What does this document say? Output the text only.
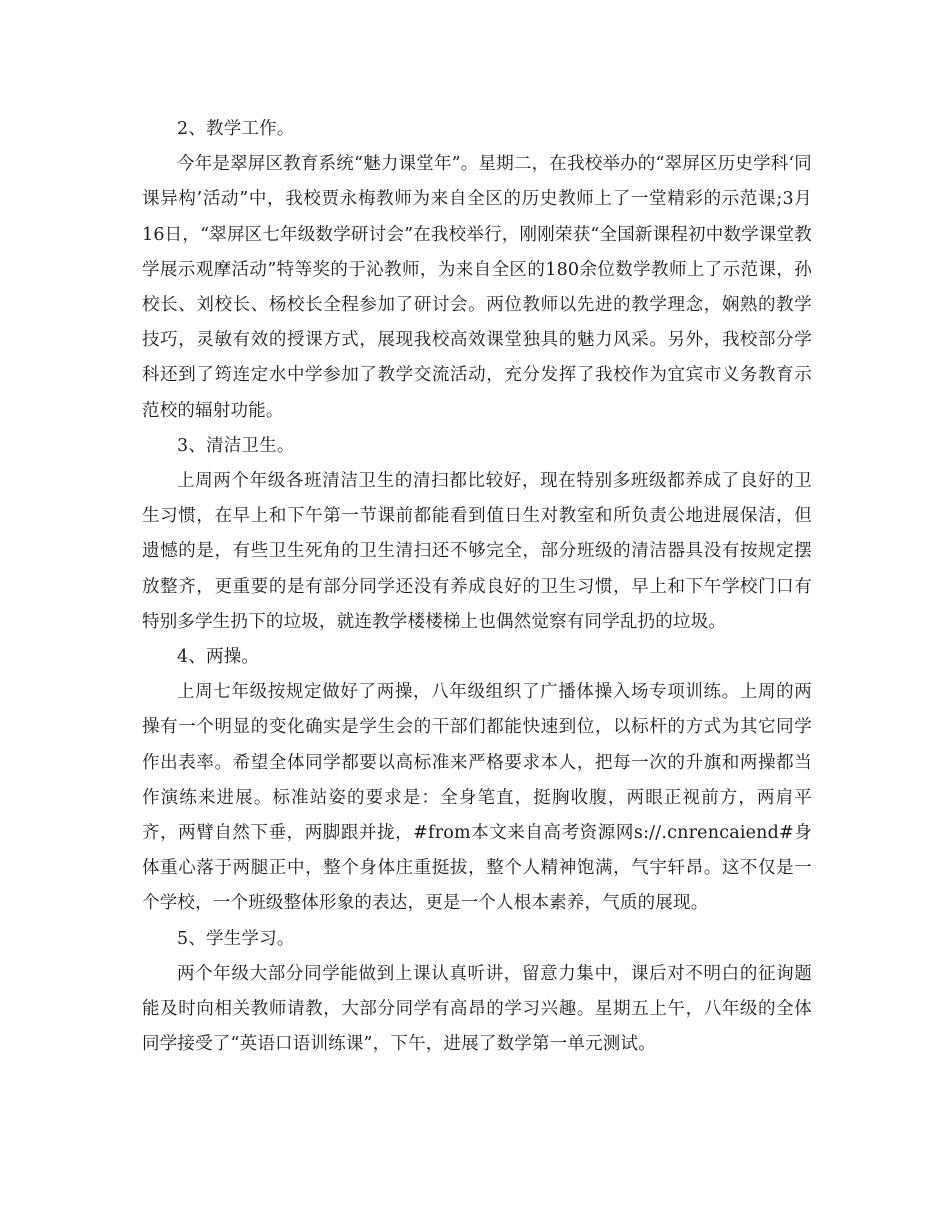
2、教学工作。

今年是翠屏区教育系统“魅力课堂年”。星期二，在我校举办的“翠屏区历史学科‘同课异构’活动”中，我校贾永梅教师为来自全区的历史教师上了一堂精彩的示范课;3月16日，“翠屏区七年级数学研讨会”在我校举行，刚刚荣获“全国新课程初中数学课堂教学展示观摩活动”特等奖的于沁教师，为来自全区的180余位数学教师上了示范课，孙校长、刘校长、杨校长全程参加了研讨会。两位教师以先进的教学理念，娴熟的教学技巧，灵敏有效的授课方式，展现我校高效课堂独具的魅力风采。另外，我校部分学科还到了筠连定水中学参加了教学交流活动，充分发挥了我校作为宜宾市义务教育示范校的辐射功能。

3、清洁卫生。

上周两个年级各班清洁卫生的清扫都比较好，现在特别多班级都养成了良好的卫生习惯，在早上和下午第一节课前都能看到值日生对教室和所负责公地进展保洁，但遗憾的是，有些卫生死角的卫生清扫还不够完全，部分班级的清洁器具没有按规定摆放整齐，更重要的是有部分同学还没有养成良好的卫生习惯，早上和下午学校门口有特别多学生扔下的垃圾，就连教学楼楼梯上也偶然觉察有同学乱扔的垃圾。

4、两操。

上周七年级按规定做好了两操，八年级组织了广播体操入场专项训练。上周的两操有一个明显的变化确实是学生会的干部们都能快速到位，以标杆的方式为其它同学作出表率。希望全体同学都要以高标准来严格要求本人，把每一次的升旗和两操都当作演练来进展。标准站姿的要求是：全身笔直，挺胸收腹，两眼正视前方，两肩平齐，两臂自然下垂，两脚跟并拢，#from本文来自高考资源网s://.cnrencaiend#身体重心落于两腿正中，整个身体庄重挺拔，整个人精神饱满，气宇轩昂。这不仅是一个学校，一个班级整体形象的表达，更是一个人根本素养，气质的展现。

5、学生学习。

两个年级大部分同学能做到上课认真听讲，留意力集中，课后对不明白的征询题能及时向相关教师请教，大部分同学有高昂的学习兴趣。星期五上午，八年级的全体同学接受了“英语口语训练课”，下午，进展了数学第一单元测试。
